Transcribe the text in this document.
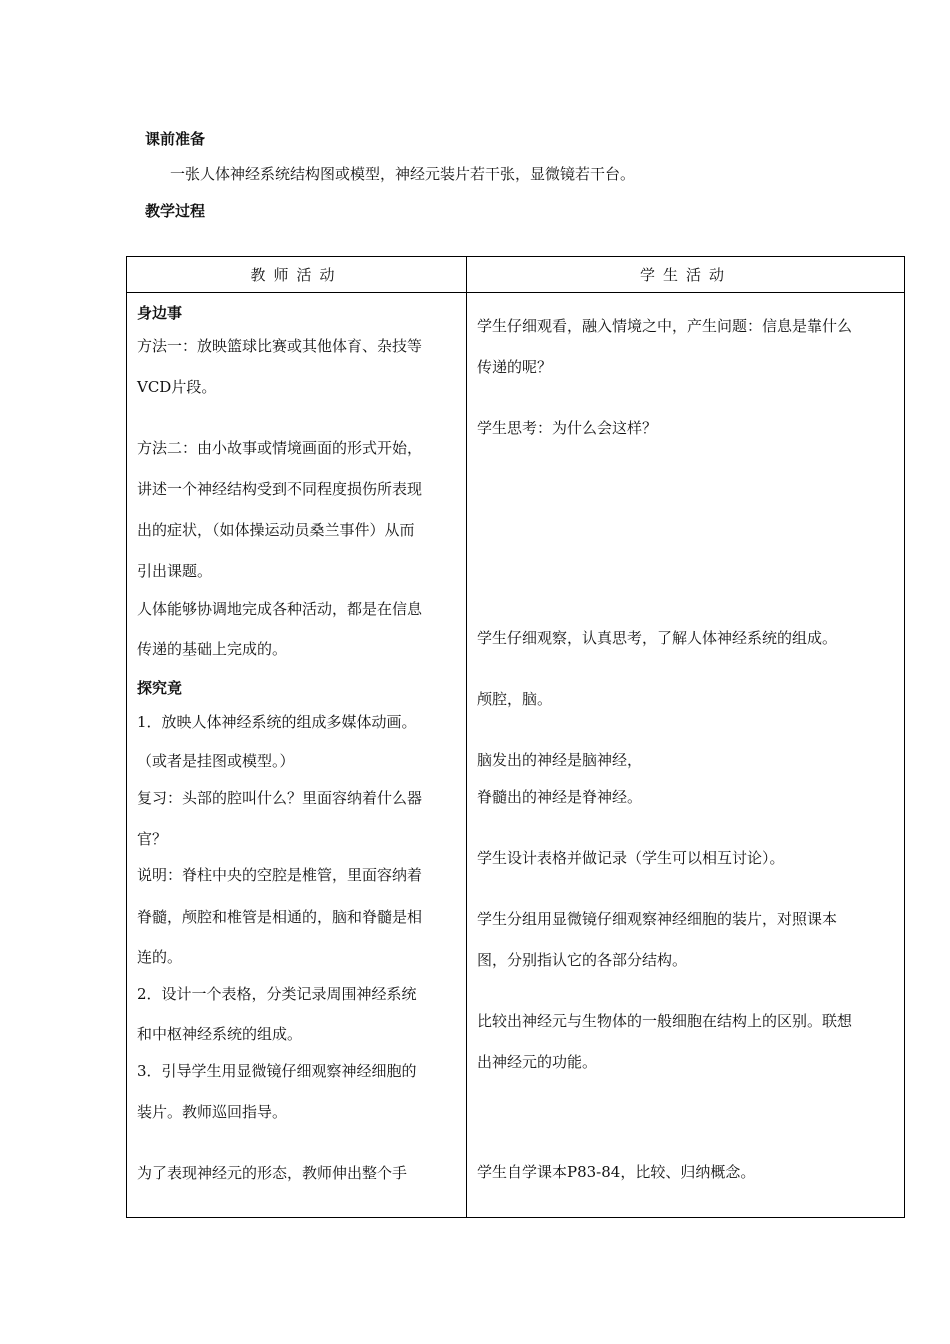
课前准备
一张人体神经系统结构图或模型，神经元装片若干张，显微镜若干台。
教学过程
教师活动	学生活动
身边事
方法一：放映篮球比赛或其他体育、杂技等
VCD片段。
方法二：由小故事或情境画面的形式开始，
讲述一个神经结构受到不同程度损伤所表现
出的症状，（如体操运动员桑兰事件）从而
引出课题。
人体能够协调地完成各种活动，都是在信息
传递的基础上完成的。
探究竟
1．放映人体神经系统的组成多媒体动画。
（或者是挂图或模型。）
复习：头部的腔叫什么？里面容纳着什么器
官？
说明：脊柱中央的空腔是椎管，里面容纳着
脊髓，颅腔和椎管是相通的，脑和脊髓是相
连的。
2．设计一个表格，分类记录周围神经系统
和中枢神经系统的组成。
3．引导学生用显微镜仔细观察神经细胞的
装片。教师巡回指导。
为了表现神经元的形态，教师伸出整个手
学生仔细观看，融入情境之中，产生问题：信息是靠什么
传递的呢？
学生思考：为什么会这样？
学生仔细观察，认真思考，了解人体神经系统的组成。
颅腔，脑。
脑发出的神经是脑神经，
脊髓出的神经是脊神经。
学生设计表格并做记录（学生可以相互讨论）。
学生分组用显微镜仔细观察神经细胞的装片，对照课本
图，分别指认它的各部分结构。
比较出神经元与生物体的一般细胞在结构上的区别。联想
出神经元的功能。
学生自学课本P83-84，比较、归纳概念。
